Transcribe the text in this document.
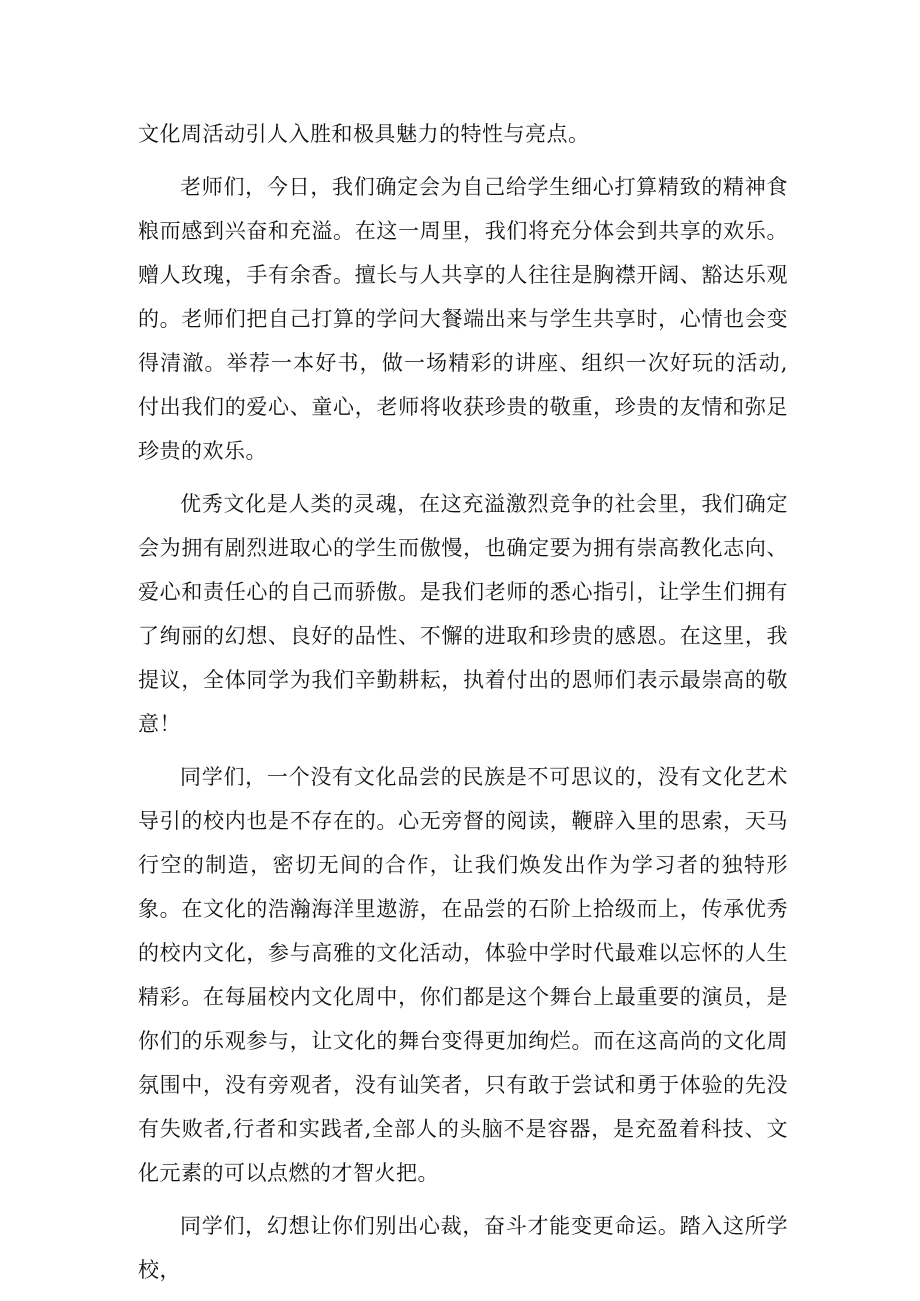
文化周活动引人入胜和极具魅力的特性与亮点。

老师们，今日，我们确定会为自己给学生细心打算精致的精神食粮而感到兴奋和充溢。在这一周里，我们将充分体会到共享的欢乐。赠人玫瑰，手有余香。擅长与人共享的人往往是胸襟开阔、豁达乐观的。老师们把自己打算的学问大餐端出来与学生共享时，心情也会变得清澈。举荐一本好书，做一场精彩的讲座、组织一次好玩的活动,付出我们的爱心、童心，老师将收获珍贵的敬重，珍贵的友情和弥足珍贵的欢乐。

优秀文化是人类的灵魂，在这充溢激烈竞争的社会里，我们确定会为拥有剧烈进取心的学生而傲慢，也确定要为拥有崇高教化志向、爱心和责任心的自己而骄傲。是我们老师的悉心指引，让学生们拥有了绚丽的幻想、良好的品性、不懈的进取和珍贵的感恩。在这里，我提议，全体同学为我们辛勤耕耘，执着付出的恩师们表示最崇高的敬意！

同学们，一个没有文化品尝的民族是不可思议的，没有文化艺术导引的校内也是不存在的。心无旁督的阅读，鞭辟入里的思索，天马行空的制造，密切无间的合作，让我们焕发出作为学习者的独特形象。在文化的浩瀚海洋里遨游，在品尝的石阶上拾级而上，传承优秀的校内文化，参与高雅的文化活动，体验中学时代最难以忘怀的人生精彩。在每届校内文化周中，你们都是这个舞台上最重要的演员，是你们的乐观参与，让文化的舞台变得更加绚烂。而在这高尚的文化周氛围中，没有旁观者，没有讪笑者，只有敢于尝试和勇于体验的先没有失败者,行者和实践者,全部人的头脑不是容器，是充盈着科技、文化元素的可以点燃的才智火把。

同学们，幻想让你们别出心裁，奋斗才能变更命运。踏入这所学校，
